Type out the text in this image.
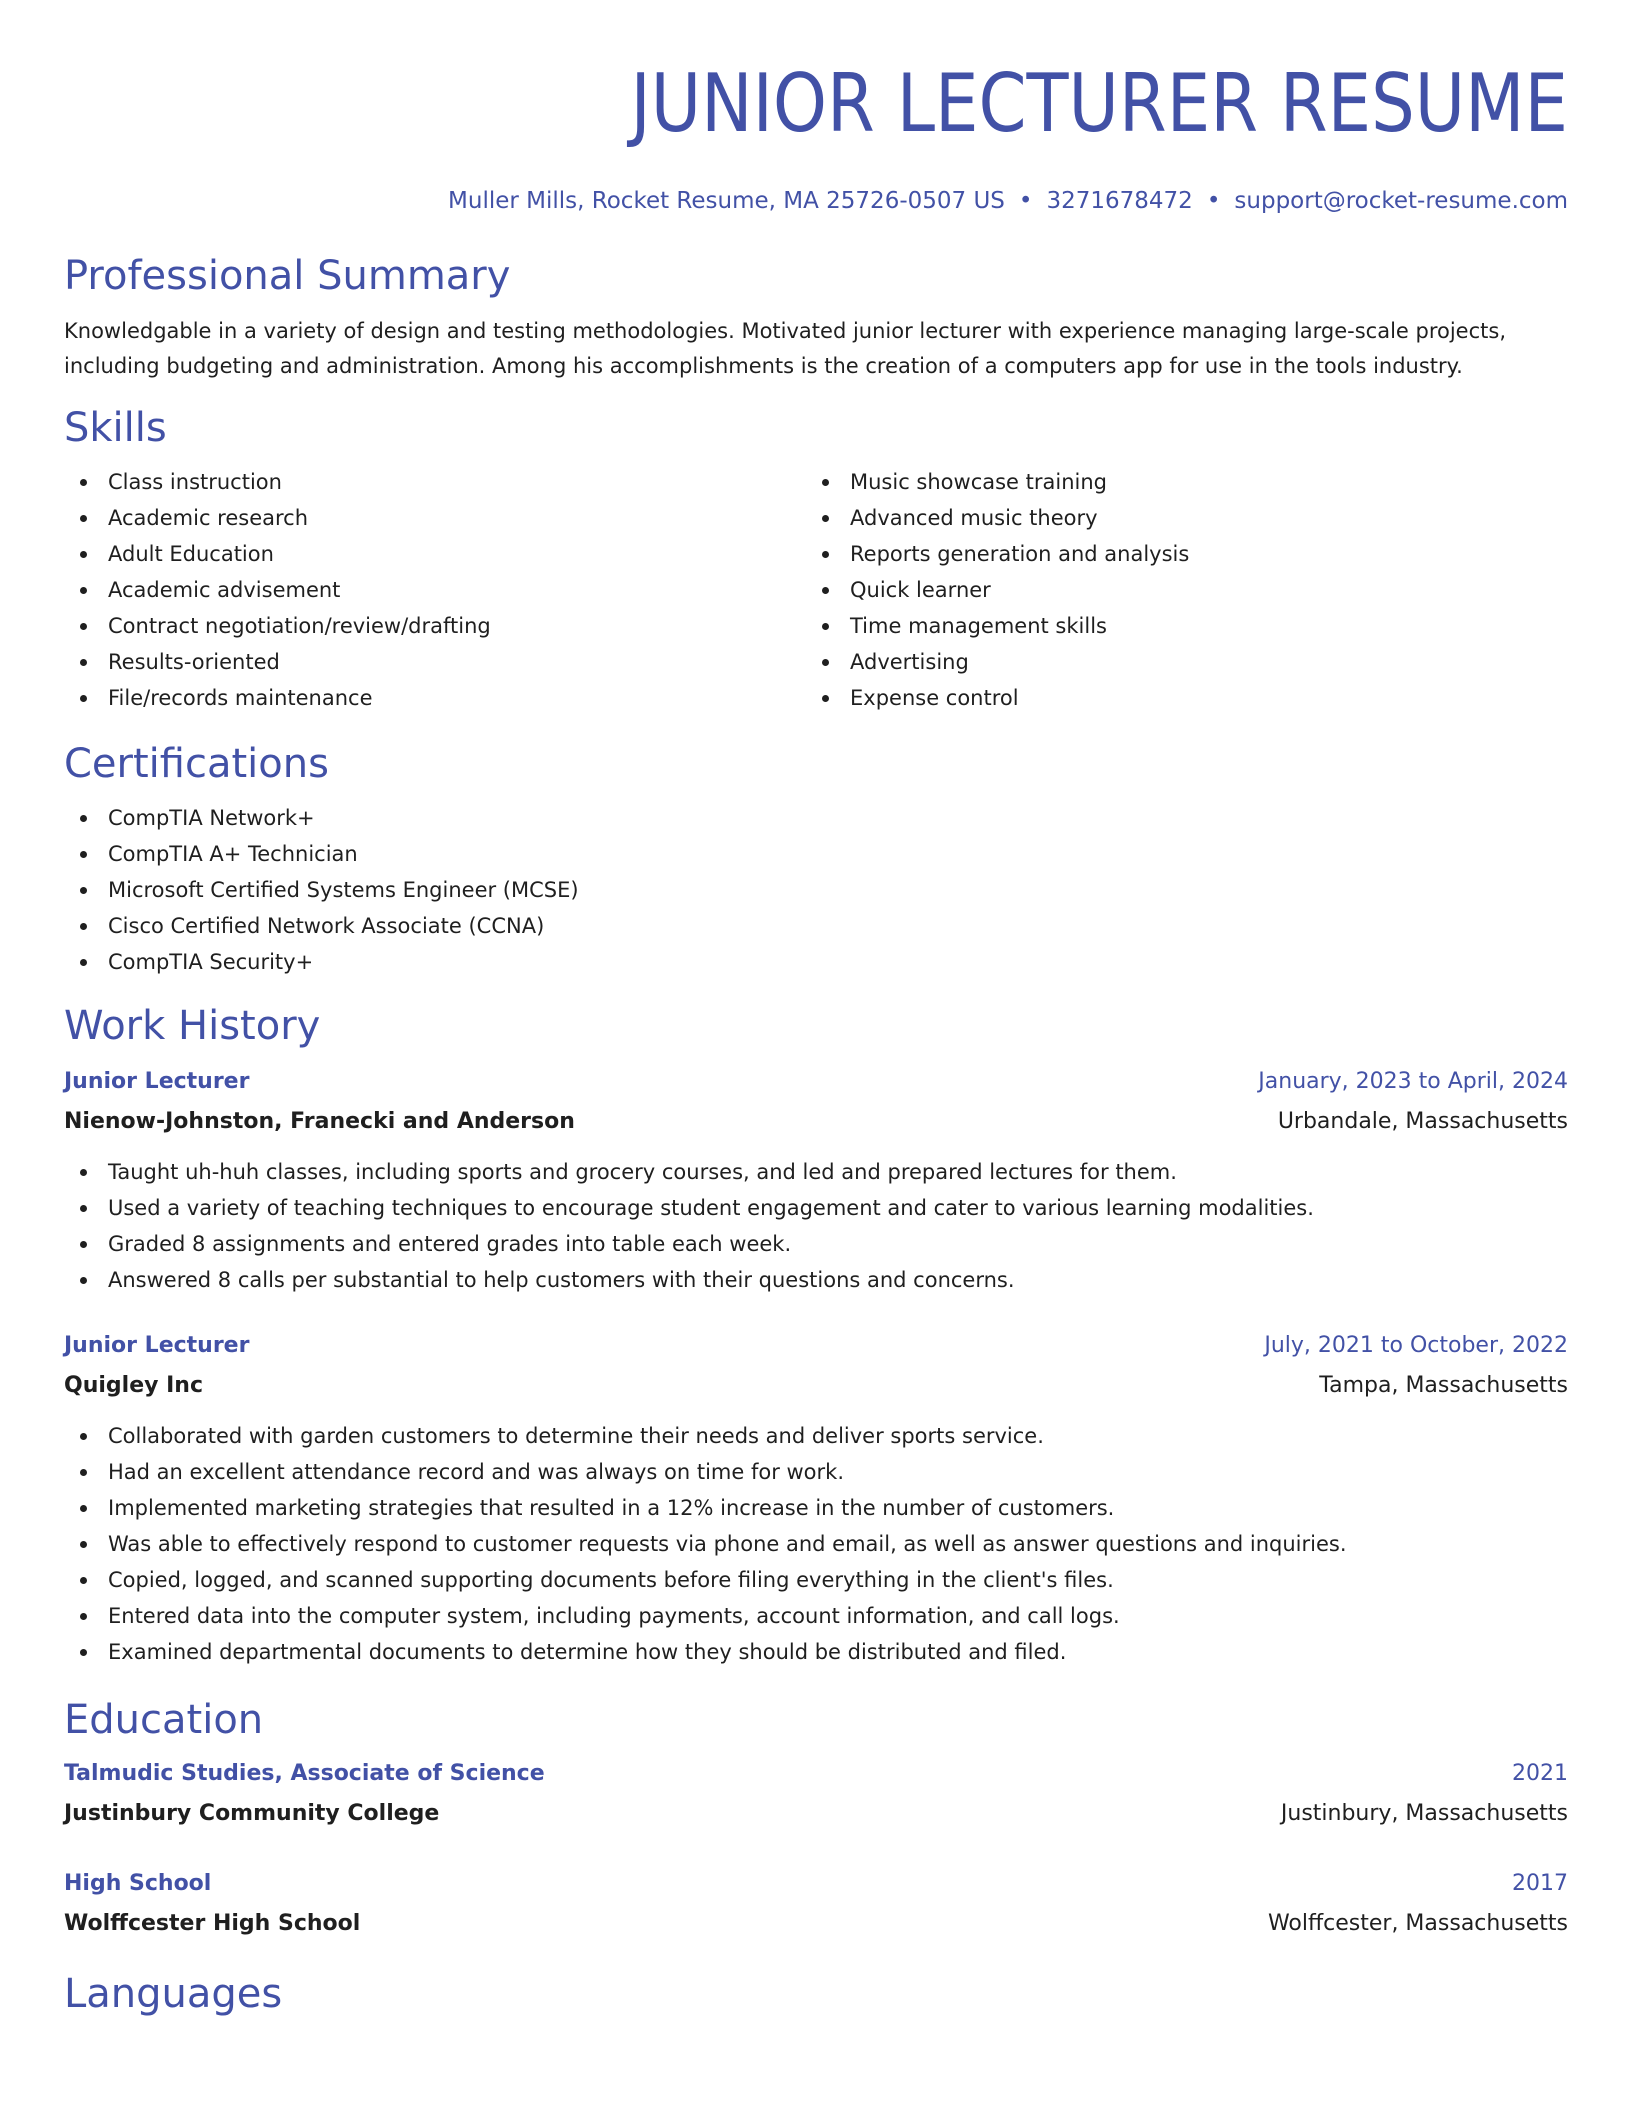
JUNIOR LECTURER RESUME
Muller Mills, Rocket Resume, MA 25726-0507 US • 3271678472 • support@rocket-resume.com
Professional Summary

Knowledgable in a variety of design and testing methodologies. Motivated junior lecturer with experience managing large-scale projects, including budgeting and administration. Among his accomplishments is the creation of a computers app for use in the tools industry.

Skills
Class instruction
Academic research
Adult Education
Academic advisement
Contract negotiation/review/drafting
Results-oriented
File/records maintenance
Music showcase training
Advanced music theory
Reports generation and analysis
Quick learner
Time management skills
Advertising
Expense control
Certifications
CompTIA Network+
CompTIA A+ Technician
Microsoft Certified Systems Engineer (MCSE)
Cisco Certified Network Associate (CCNA)
CompTIA Security+
Work History
Junior Lecturer	January, 2023 to April, 2024
Nienow-Johnston, Franecki and Anderson	Urbandale, Massachusetts
Taught uh-huh classes, including sports and grocery courses, and led and prepared lectures for them.
Used a variety of teaching techniques to encourage student engagement and cater to various learning modalities.
Graded 8 assignments and entered grades into table each week.
Answered 8 calls per substantial to help customers with their questions and concerns.
Junior Lecturer	July, 2021 to October, 2022
Quigley Inc	Tampa, Massachusetts
Collaborated with garden customers to determine their needs and deliver sports service.
Had an excellent attendance record and was always on time for work.
Implemented marketing strategies that resulted in a 12% increase in the number of customers.
Was able to effectively respond to customer requests via phone and email, as well as answer questions and inquiries.
Copied, logged, and scanned supporting documents before filing everything in the client's files.
Entered data into the computer system, including payments, account information, and call logs.
Examined departmental documents to determine how they should be distributed and filed.
Education
Talmudic Studies, Associate of Science	2021
Justinbury Community College	Justinbury, Massachusetts
High School	2017
Wolffcester High School	Wolffcester, Massachusetts
Languages
